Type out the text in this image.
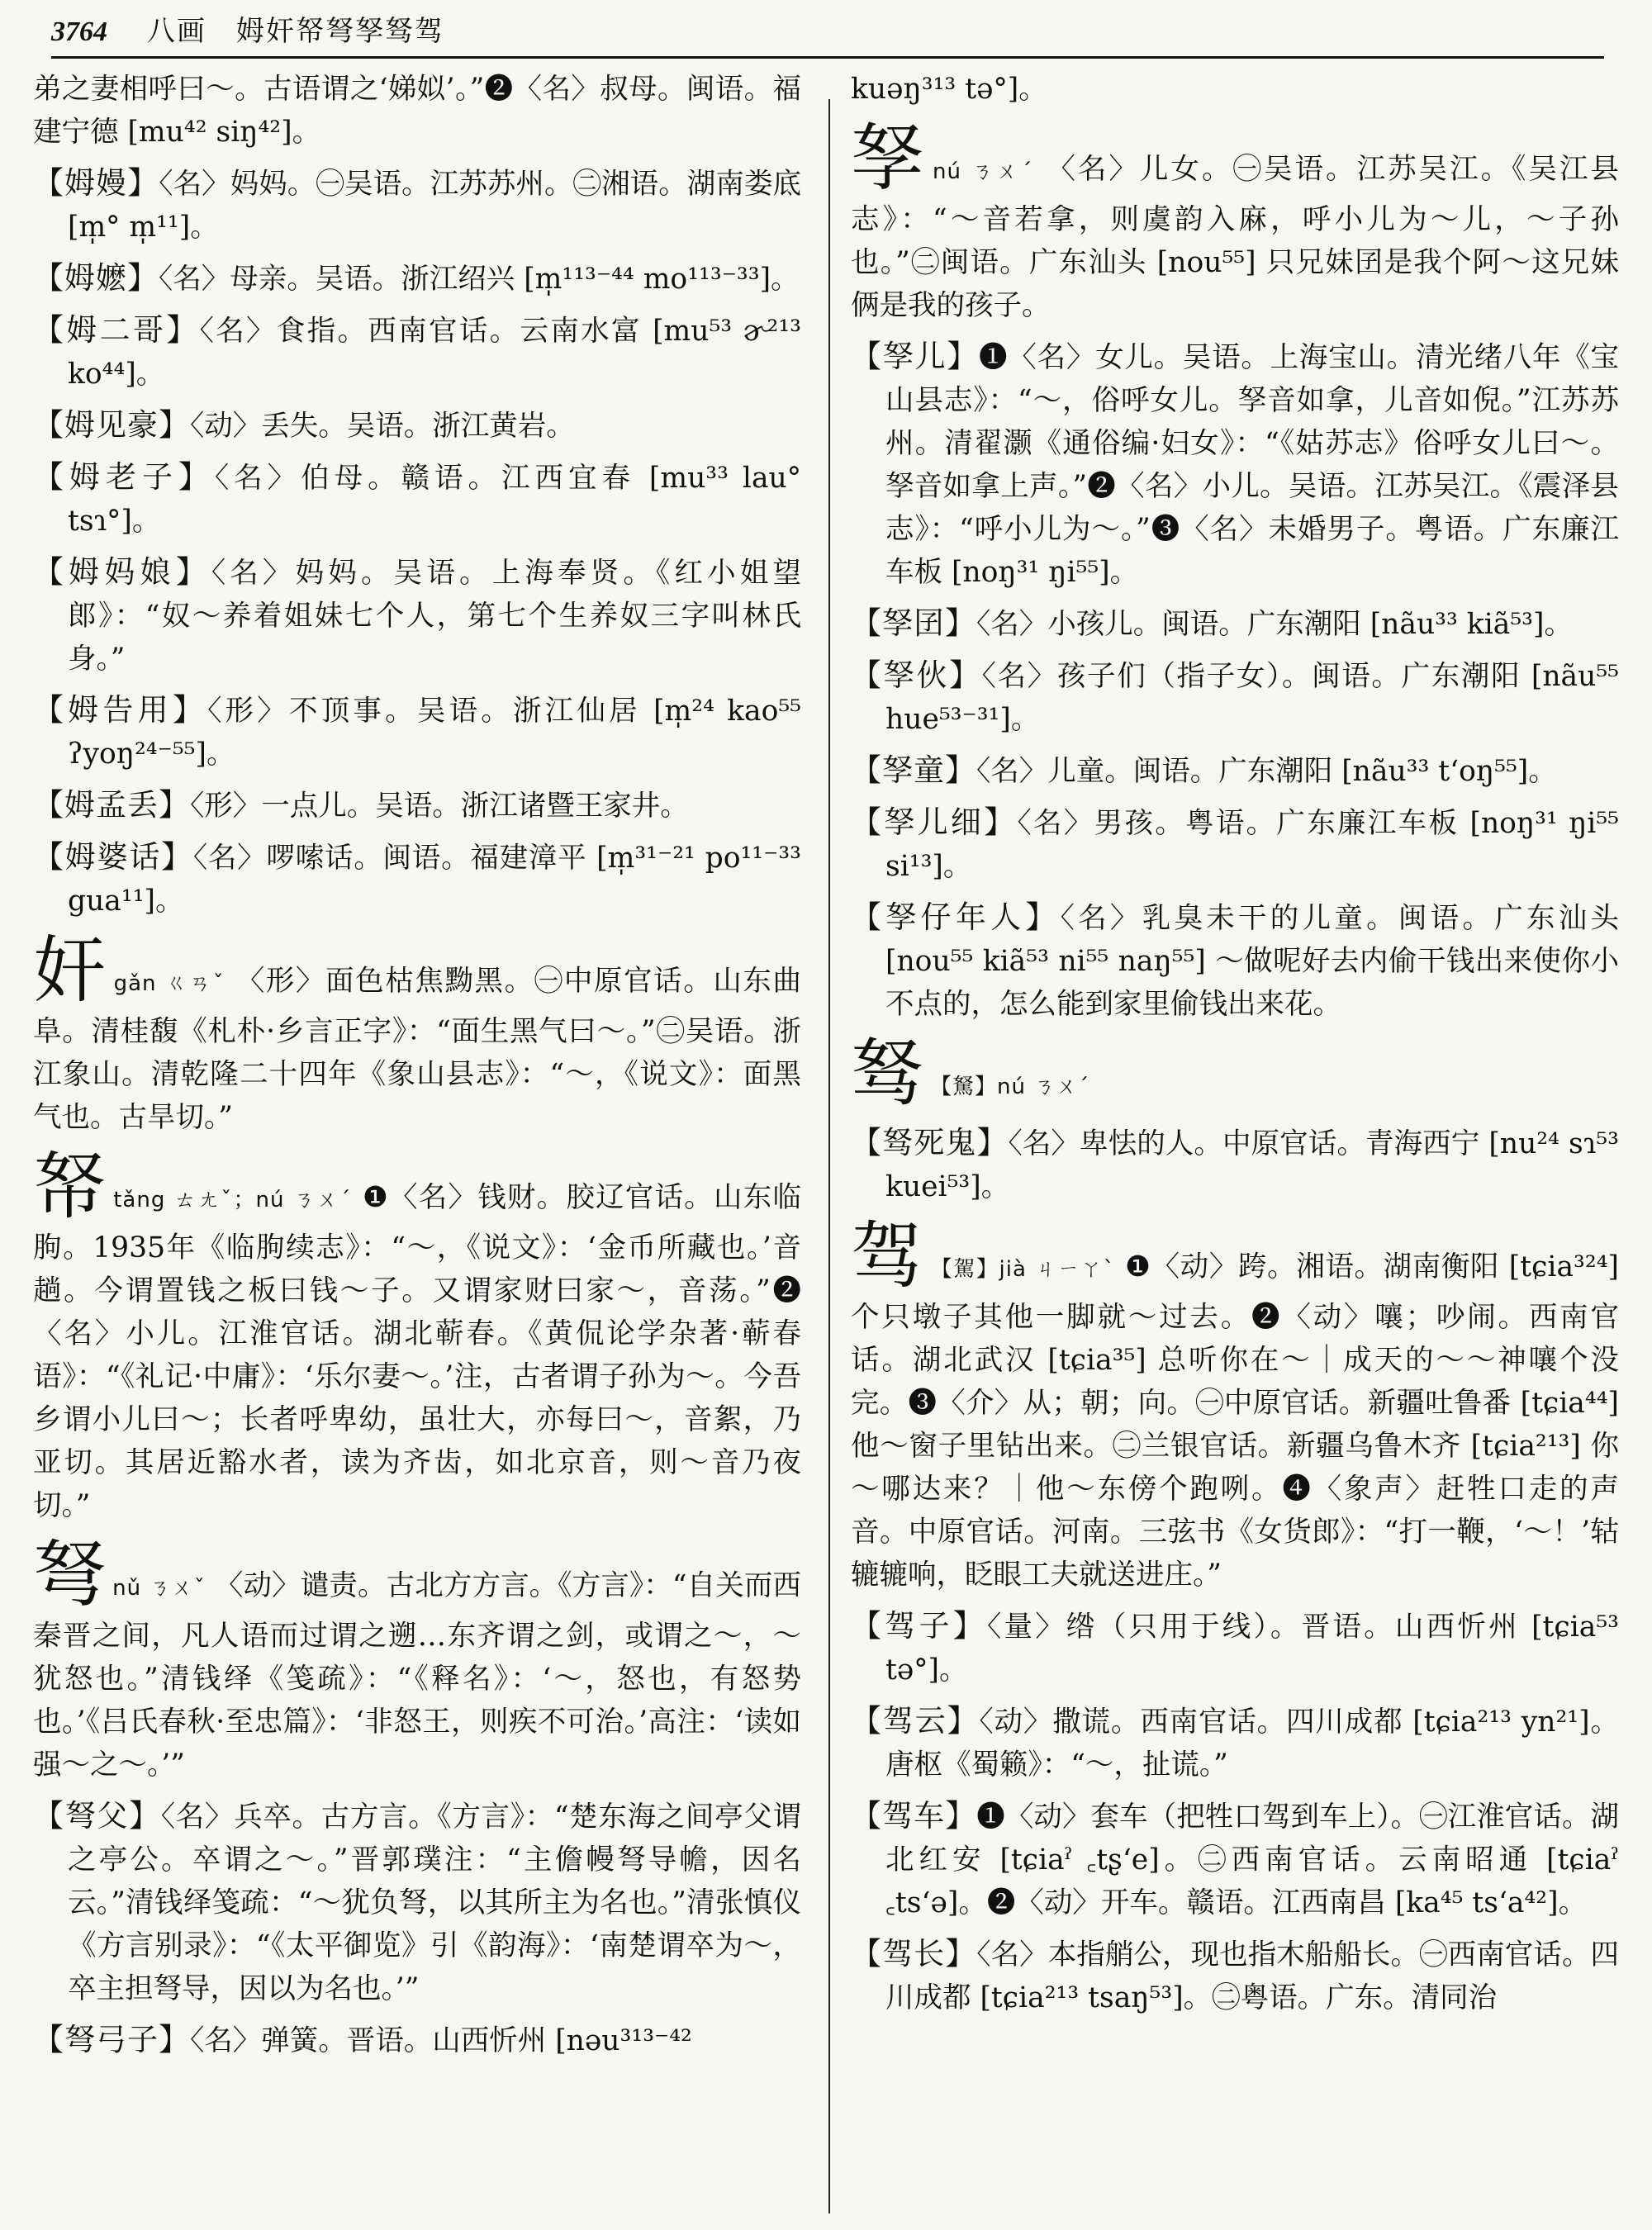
3764 八画　姆奸帑弩孥驽驾

弟之妻相呼曰～。古语谓之‘娣姒’。”❷〈名〉叔母。闽语。福建宁德 [mu⁴² siŋ⁴²]。

【姆嫚】〈名〉妈妈。㊀吴语。江苏苏州。㊁湘语。湖南娄底 [m̩° m̩¹¹]。

【姆嬷】〈名〉母亲。吴语。浙江绍兴 [m̩¹¹³⁻⁴⁴ mo¹¹³⁻³³]。

【姆二哥】〈名〉食指。西南官话。云南水富 [mu⁵³ ɚ²¹³ ko⁴⁴]。

【姆见豪】〈动〉丢失。吴语。浙江黄岩。

【姆老子】〈名〉伯母。赣语。江西宜春 [mu³³ lau° tsɿ°]。

【姆妈娘】〈名〉妈妈。吴语。上海奉贤。《红小姐望郎》：“奴～养着姐妹七个人，第七个生养奴三字叫林氏身。”

【姆告用】〈形〉不顶事。吴语。浙江仙居 [m̩²⁴ kao⁵⁵ ʔyoŋ²⁴⁻⁵⁵]。

【姆孟丢】〈形〉一点儿。吴语。浙江诸暨王家井。

【姆婆话】〈名〉啰嗦话。闽语。福建漳平 [m̩³¹⁻²¹ po¹¹⁻³³ gua¹¹]。

奸gǎn ㄍㄢˇ 〈形〉面色枯焦黝黑。㊀中原官话。山东曲阜。清桂馥《札朴·乡言正字》：“面生黑气曰～。”㊁吴语。浙江象山。清乾隆二十四年《象山县志》：“～，《说文》：面黑气也。古旱切。”

帑tǎng ㄊㄤˇ；nú ㄋㄨˊ ❶〈名〉钱财。胶辽官话。山东临朐。1935年《临朐续志》：“～，《说文》：‘金币所藏也。’音趟。今谓置钱之板曰钱～子。又谓家财曰家～，音荡。”❷〈名〉小儿。江淮官话。湖北蕲春。《黄侃论学杂著·蕲春语》：“《礼记·中庸》：‘乐尔妻～。’注，古者谓子孙为～。今吾乡谓小儿曰～；长者呼卑幼，虽壮大，亦每曰～，音絮，乃亚切。其居近豁水者，读为齐齿，如北京音，则～音乃夜切。”

弩nǔ ㄋㄨˇ 〈动〉谴责。古北方方言。《方言》：“自关而西秦晋之间，凡人语而过谓之遡…东齐谓之剑，或谓之～，～犹怒也。”清钱绎《笺疏》：“《释名》：‘～，怒也，有怒势也。’《吕氏春秋·至忠篇》：‘非怒王，则疾不可治。’高注：‘读如强～之～。’”

【弩父】〈名〉兵卒。古方言。《方言》：“楚东海之间亭父谓之亭公。卒谓之～。”晋郭璞注：“主儋幔弩导幨，因名云。”清钱绎笺疏：“～犹负弩，以其所主为名也。”清张慎仪《方言别录》：“《太平御览》引《韵海》：‘南楚谓卒为～，卒主担弩导，因以为名也。’”

【弩弓子】〈名〉弹簧。晋语。山西忻州 [nəu³¹³⁻⁴²

kuəŋ³¹³ tə°]。

孥nú ㄋㄨˊ 〈名〉儿女。㊀吴语。江苏吴江。《吴江县志》：“～音若拿，则虞韵入麻，呼小儿为～儿，～子孙也。”㊁闽语。广东汕头 [nou⁵⁵] 只兄妹囝是我个阿～这兄妹俩是我的孩子。

【孥儿】❶〈名〉女儿。吴语。上海宝山。清光绪八年《宝山县志》：“～，俗呼女儿。孥音如拿，儿音如倪。”江苏苏州。清翟灏《通俗编·妇女》：“《姑苏志》俗呼女儿曰～。孥音如拿上声。”❷〈名〉小儿。吴语。江苏吴江。《震泽县志》：“呼小儿为～。”❸〈名〉未婚男子。粤语。广东廉江车板 [noŋ³¹ ŋi⁵⁵]。

【孥囝】〈名〉小孩儿。闽语。广东潮阳 [nãu³³ kiã⁵³]。

【孥伙】〈名〉孩子们（指子女）。闽语。广东潮阳 [nãu⁵⁵ hue⁵³⁻³¹]。

【孥童】〈名〉儿童。闽语。广东潮阳 [nãu³³ tʻoŋ⁵⁵]。

【孥儿细】〈名〉男孩。粤语。广东廉江车板 [noŋ³¹ ŋi⁵⁵ si¹³]。

【孥仔年人】〈名〉乳臭未干的儿童。闽语。广东汕头 [nou⁵⁵ kiã⁵³ ni⁵⁵ naŋ⁵⁵] ～做呢好去内偷干钱出来使你小不点的，怎么能到家里偷钱出来花。

驽 【駑】nú ㄋㄨˊ

【驽死鬼】〈名〉卑怯的人。中原官话。青海西宁 [nu²⁴ sɿ⁵³ kuei⁵³]。

驾 【駕】jià ㄐㄧㄚˋ ❶〈动〉跨。湘语。湖南衡阳 [tɕia³²⁴] 个只墩子其他一脚就～过去。❷〈动〉嚷；吵闹。西南官话。湖北武汉 [tɕia³⁵] 总听你在～｜成天的～～神嚷个没完。❸〈介〉从；朝；向。㊀中原官话。新疆吐鲁番 [tɕia⁴⁴] 他～窗子里钻出来。㊁兰银官话。新疆乌鲁木齐 [tɕia²¹³] 你～哪达来？｜他～东傍个跑咧。❹〈象声〉赶牲口走的声音。中原官话。河南。三弦书《女货郎》：“打一鞭，‘～！’轱辘辘响，眨眼工夫就送进庄。”

【驾子】〈量〉绺（只用于线）。晋语。山西忻州 [tɕia⁵³ tə°]。

【驾云】〈动〉撒谎。西南官话。四川成都 [tɕia²¹³ yn²¹]。唐枢《蜀籁》：“～，扯谎。”

【驾车】❶〈动〉套车（把牲口驾到车上）。㊀江淮官话。湖北红安 [tɕiaˀ ꜀tʂʻe]。㊁西南官话。云南昭通 [tɕiaˀ ꜀tsʻə]。❷〈动〉开车。赣语。江西南昌 [ka⁴⁵ tsʻa⁴²]。

【驾长】〈名〉本指艄公，现也指木船船长。㊀西南官话。四川成都 [tɕia²¹³ tsaŋ⁵³]。㊁粤语。广东。清同治
